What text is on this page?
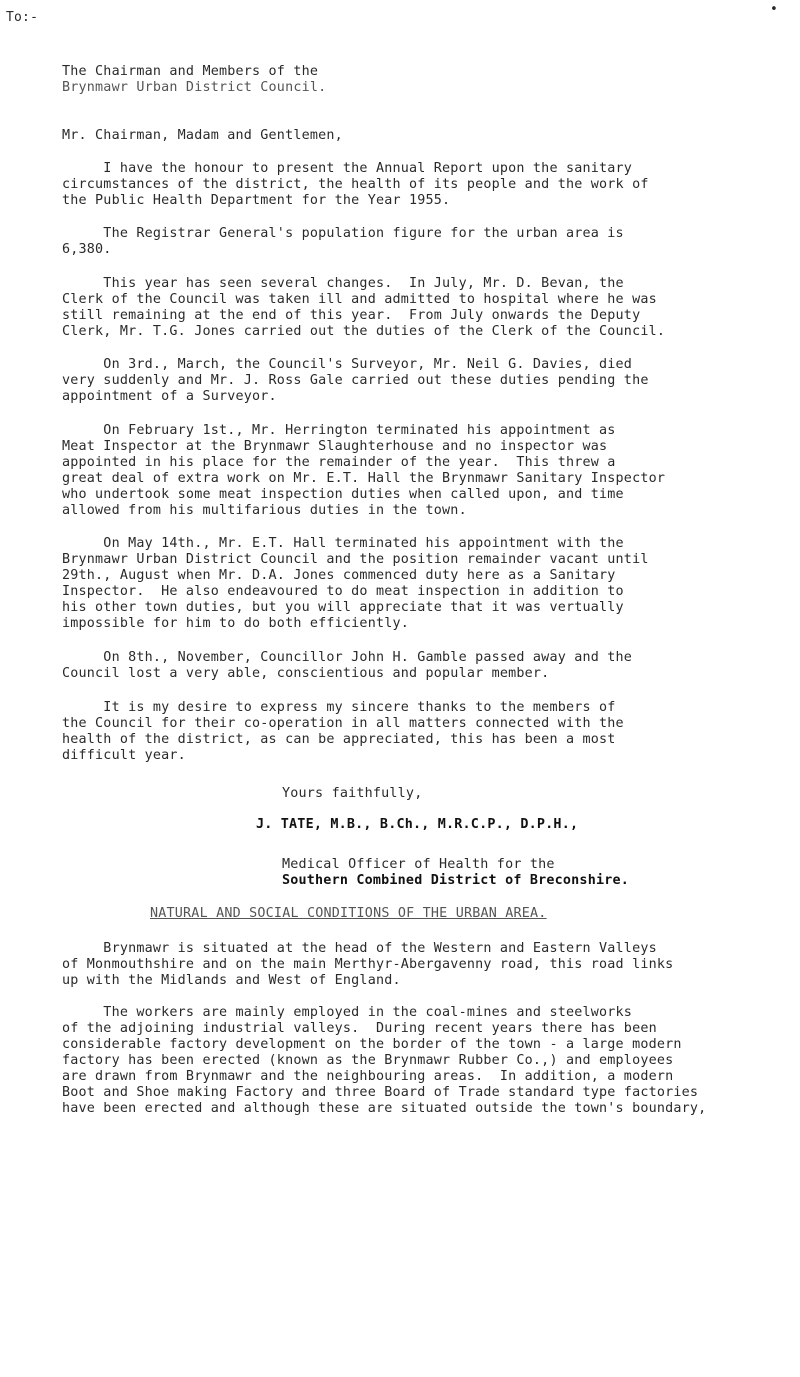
To:-
•
The Chairman and Members of the
Brynmawr Urban District Council.
Mr. Chairman, Madam and Gentlemen,
I have the honour to present the Annual Report upon the sanitary
circumstances of the district, the health of its people and the work of
the Public Health Department for the Year 1955.
The Registrar General's population figure for the urban area is
6,380.
This year has seen several changes.  In July, Mr. D. Bevan, the
Clerk of the Council was taken ill and admitted to hospital where he was
still remaining at the end of this year.  From July onwards the Deputy
Clerk, Mr. T.G. Jones carried out the duties of the Clerk of the Council.
On 3rd., March, the Council's Surveyor, Mr. Neil G. Davies, died
very suddenly and Mr. J. Ross Gale carried out these duties pending the
appointment of a Surveyor.
On February 1st., Mr. Herrington terminated his appointment as
Meat Inspector at the Brynmawr Slaughterhouse and no inspector was
appointed in his place for the remainder of the year.  This threw a
great deal of extra work on Mr. E.T. Hall the Brynmawr Sanitary Inspector
who undertook some meat inspection duties when called upon, and time
allowed from his multifarious duties in the town.
On May 14th., Mr. E.T. Hall terminated his appointment with the
Brynmawr Urban District Council and the position remainder vacant until
29th., August when Mr. D.A. Jones commenced duty here as a Sanitary
Inspector.  He also endeavoured to do meat inspection in addition to
his other town duties, but you will appreciate that it was vertually
impossible for him to do both efficiently.
On 8th., November, Councillor John H. Gamble passed away and the
Council lost a very able, conscientious and popular member.
It is my desire to express my sincere thanks to the members of
the Council for their co-operation in all matters connected with the
health of the district, as can be appreciated, this has been a most
difficult year.
Yours faithfully,
J. TATE, M.B., B.Ch., M.R.C.P., D.P.H.,
Medical Officer of Health for the
Southern Combined District of Breconshire.
NATURAL AND SOCIAL CONDITIONS OF THE URBAN AREA.
Brynmawr is situated at the head of the Western and Eastern Valleys
of Monmouthshire and on the main Merthyr-Abergavenny road, this road links
up with the Midlands and West of England.
The workers are mainly employed in the coal-mines and steelworks
of the adjoining industrial valleys.  During recent years there has been
considerable factory development on the border of the town - a large modern
factory has been erected (known as the Brynmawr Rubber Co.,) and employees
are drawn from Brynmawr and the neighbouring areas.  In addition, a modern
Boot and Shoe making Factory and three Board of Trade standard type factories
have been erected and although these are situated outside the town's boundary,
